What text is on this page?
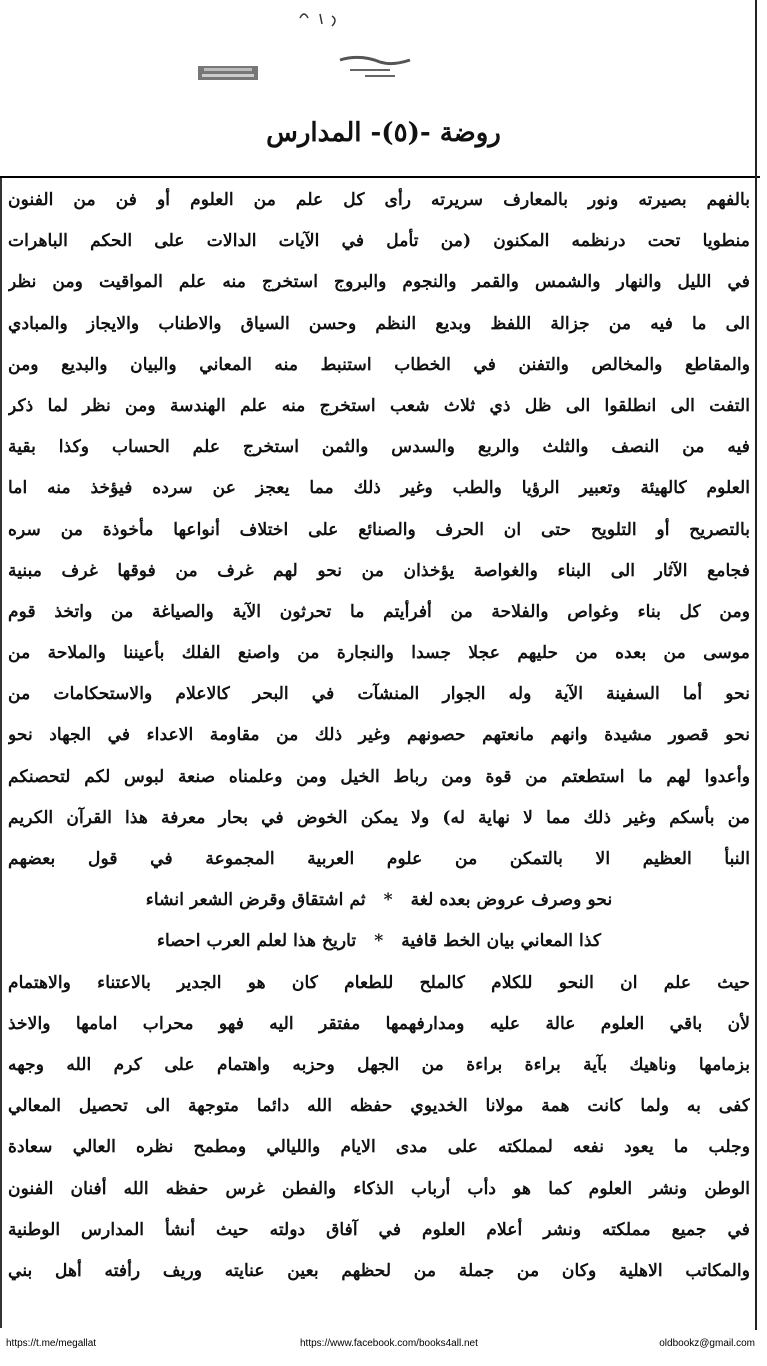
روضة -(٥)- المدارس
بالفهم بصيرته ونور بالمعارف سريرته رأى كل علم من العلوم أو فن من الفنون
منطويا تحت درنظمه المكنون (من تأمل في الآيات الدالات على الحكم الباهرات
في الليل والنهار والشمس والقمر والنجوم والبروج استخرج منه علم المواقيت ومن نظر
الى ما فيه من جزالة اللفظ وبديع النظم وحسن السياق والاطناب والايجاز والمبادي
والمقاطع والمخالص والتفنن في الخطاب استنبط منه المعاني والبيان والبديع ومن
التفت الى انطلقوا الى ظل ذي ثلاث شعب استخرج منه علم الهندسة ومن نظر لما ذكر
فيه من النصف والثلث والربع والسدس والثمن استخرج علم الحساب وكذا بقية
العلوم كالهيئة وتعبير الرؤيا والطب وغير ذلك مما يعجز عن سرده فيؤخذ منه اما
بالتصريح أو التلويح حتى ان الحرف والصنائع على اختلاف أنواعها مأخوذة من سره
فجامع الآثار الى البناء والغواصة يؤخذان من نحو لهم غرف من فوقها غرف مبنية
ومن كل بناء وغواص والفلاحة من أفرأيتم ما تحرثون الآية والصياغة من واتخذ قوم
موسى من بعده من حليهم عجلا جسدا والنجارة من واصنع الفلك بأعيننا والملاحة من
نحو أما السفينة الآية وله الجوار المنشآت في البحر كالاعلام والاستحكامات من
نحو قصور مشيدة وانهم مانعتهم حصونهم وغير ذلك من مقاومة الاعداء في الجهاد نحو
وأعدوا لهم ما استطعتم من قوة ومن رباط الخيل ومن وعلمناه صنعة لبوس لكم لتحصنكم
من بأسكم وغير ذلك مما لا نهاية له) ولا يمكن الخوض في بحار معرفة هذا القرآن الكريم
النبأ العظيم الا بالتمكن من علوم العربية المجموعة في قول بعضهم
نحو وصرف عروض بعده لغة*ثم اشتقاق وقرض الشعر انشاء
كذا المعاني بيان الخط قافية*تاريخ هذا لعلم العرب احصاء
حيث علم ان النحو للكلام كالملح للطعام كان هو الجدير بالاعتناء والاهتمام
لأن باقي العلوم عالة عليه ومدارفهمها مفتقر اليه فهو محراب امامها والاخذ
بزمامها وناهيك بآية براءة براءة من الجهل وحزبه واهتمام على كرم الله وجهه
كفى به ولما كانت همة مولانا الخديوي حفظه الله دائما متوجهة الى تحصيل المعالي
وجلب ما يعود نفعه لمملكته على مدى الايام والليالي ومطمح نظره العالي سعادة
الوطن ونشر العلوم كما هو دأب أرباب الذكاء والفطن غرس حفظه الله أفنان الفنون
في جميع مملكته ونشر أعلام العلوم في آفاق دولته حيث أنشأ المدارس الوطنية
والمكاتب الاهلية وكان من جملة من لحظهم بعين عنايته وريف رأفته أهل بني
https://t.me/megallat	https://www.facebook.com/books4all.net	oldbookz@gmail.com
